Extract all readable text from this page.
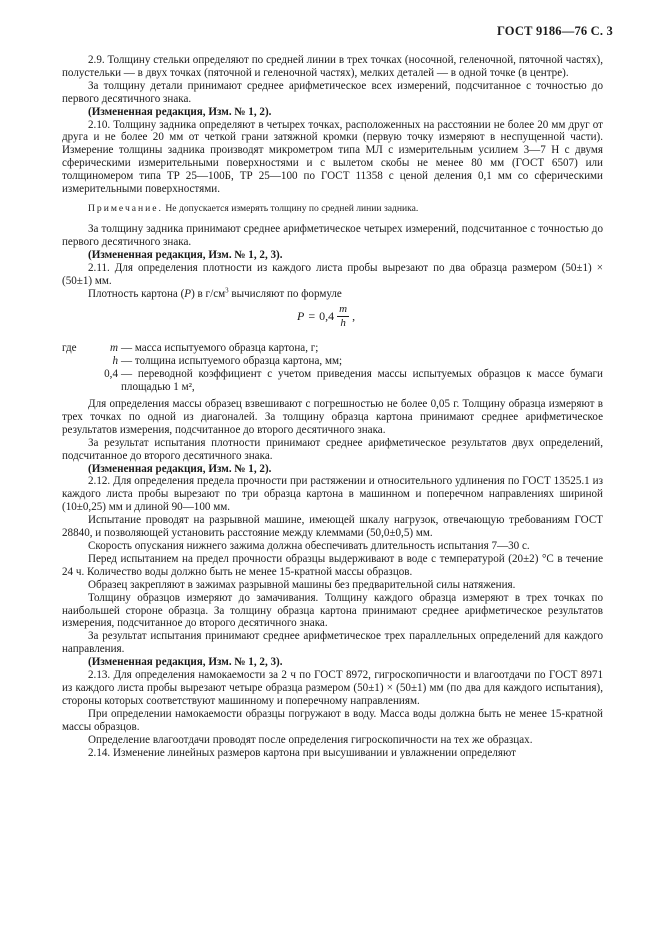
ГОСТ 9186—76 С. 3

2.9. Толщину стельки определяют по средней линии в трех точках (носочной, геленочной, пяточной частях), полустельки — в двух точках (пяточной и геленочной частях), мелких деталей — в одной точке (в центре).

За толщину детали принимают среднее арифметическое всех измерений, подсчитанное с точностью до первого десятичного знака.

(Измененная редакция, Изм. № 1, 2).

2.10. Толщину задника определяют в четырех точках, расположенных на расстоянии не более 20 мм друг от друга и не более 20 мм от четкой грани затяжной кромки (первую точку измеряют в неспущенной части). Измерение толщины задника производят микрометром типа МЛ с измерительным усилием 3—7 Н с двумя сферическими измерительными поверхностями и с вылетом скобы не менее 80 мм (ГОСТ 6507) или толщиномером типа ТР 25—100Б, ТР 25—100 по ГОСТ 11358 с ценой деления 0,1 мм со сферическими измерительными поверхностями.

Примечание. Не допускается измерять толщину по средней линии задника.

За толщину задника принимают среднее арифметическое четырех измерений, подсчитанное с точностью до первого десятичного знака.

(Измененная редакция, Изм. № 1, 2, 3).

2.11. Для определения плотности из каждого листа пробы вырезают по два образца размером (50±1) × (50±1) мм.

Плотность картона (P) в $г/см^3$ вычисляют по формуле

$P = 0,4 \frac{m}{h}$ ,
где	m — масса испытуемого образца картона, г;
h — толщина испытуемого образца картона, мм;
0,4 — переводной коэффициент с учетом приведения массы испытуемых образцов к массе бумаги площадью 1 м²,

Для определения массы образец взвешивают с погрешностью не более 0,05 г. Толщину образца измеряют в трех точках по одной из диагоналей. За толщину образца картона принимают среднее арифметическое результатов измерения, подсчитанное до второго десятичного знака.

За результат испытания плотности принимают среднее арифметическое результатов двух определений, подсчитанное до второго десятичного знака.

(Измененная редакция, Изм. № 1, 2).

2.12. Для определения предела прочности при растяжении и относительного удлинения по ГОСТ 13525.1 из каждого листа пробы вырезают по три образца картона в машинном и поперечном направлениях шириной (10±0,25) мм и длиной 90—100 мм.

Испытание проводят на разрывной машине, имеющей шкалу нагрузок, отвечающую требованиям ГОСТ 28840, и позволяющей установить расстояние между клеммами (50,0±0,5) мм.

Скорость опускания нижнего зажима должна обеспечивать длительность испытания 7—30 с.

Перед испытанием на предел прочности образцы выдерживают в воде с температурой (20±2) °С в течение 24 ч. Количество воды должно быть не менее 15-кратной массы образцов.

Образец закрепляют в зажимах разрывной машины без предварительной силы натяжения.

Толщину образцов измеряют до замачивания. Толщину каждого образца измеряют в трех точках по наибольшей стороне образца. За толщину образца картона принимают среднее арифметическое результатов измерения, подсчитанное до второго десятичного знака.

За результат испытания принимают среднее арифметическое трех параллельных определений для каждого направления.

(Измененная редакция, Изм. № 1, 2, 3).

2.13. Для определения намокаемости за 2 ч по ГОСТ 8972, гигроскопичности и влагоотдачи по ГОСТ 8971 из каждого листа пробы вырезают четыре образца размером (50±1) × (50±1) мм (по два для каждого испытания), стороны которых соответствуют машинному и поперечному направлениям.

При определении намокаемости образцы погружают в воду. Масса воды должна быть не менее 15-кратной массы образцов.

Определение влагоотдачи проводят после определения гигроскопичности на тех же образцах.

2.14. Изменение линейных размеров картона при высушивании и увлажнении определяют
